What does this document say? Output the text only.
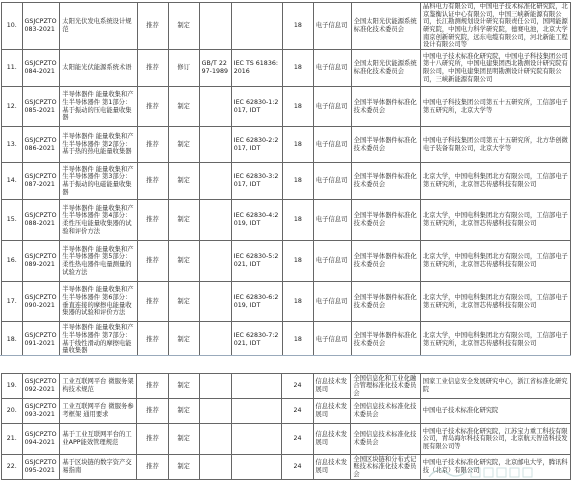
10.	GSJCPZTO 083-2021	太阳光伏发电系统设计规范	推荐	制定			18	电子信息司	全国太阳光伏能源系统标准化技术委员会	晶科电力有限公司，中国电子技术标准化研究院，北京鉴衡认证中心有限公司，中国三峡新能源有限公司，长江勘测规划设计研究有限责任公司，国网能源研究院，中国电力科学研究院，德赛电池，北京大学南京创新研究院，远东电缆有限公司，河北新能工程设计有限公司等
11.	GSJCPZTO 084-2021	太阳能光伏能源系统术语	推荐	修订	GB/T 2297-1989	IEC TS 61836:2016	18	电子信息司	全国太阳光伏能源系统标准化技术委员会	中国电子技术标准化研究院，中国电子科技集团公司第十八研究所，中国电建集团西北勘测设计研究院有限公司，中国电建集团昆明勘测设计研究院有限公司，三峡新能源有限公司
12.	GSJCPZTO 085-2021	半导体器件 能量收集和产生半导体器件 第1部分：基于振动的压电能量收集器	推荐	制定		IEC 62830-1:2017, IDT	18	电子信息司	全国半导体器件标准化技术委员会	中国电子科技集团公司第五十五研究所，工信部电子第五研究所，北京大学等
13.	GSJCPZTO 086-2021	半导体器件 能量收集和产生半导体器件 第2部分：基于热的热电能量收集器	推荐	制定		IEC 62830-2:2017, IDT	18	电子信息司	全国半导体器件标准化技术委员会	中国电子科技集团公司第五十五研究所，北方华创微电子装备有限公司，北京大学等
14.	GSJCPZTO 087-2021	半导体器件 能量收集和产生半导体器件 第3部分：基于振动的电磁能量收集器	推荐	制定		IEC 62830-3:2017, IDT	18	电子信息司	全国半导体器件标准化技术委员会	北京大学，中国电科集团北方有限公司，工信部电子第五研究所，北京智芯传感科技有限公司
15.	GSJCPZTO 088-2021	半导体器件 能量收集和产生半导体器件 第4部分：柔性压电能量收集器的试验和评价方法	推荐	制定		IEC 62830-4:2019, IDT	18	电子信息司	全国半导体器件标准化技术委员会	北京大学，中国电科集团北方有限公司，工信部电子第五研究所，北京智芯传感科技有限公司
16.	GSJCPZTO 089-2021	半导体器件 能量收集和产生半导体器件 第5部分：柔性热电器件电量测量的试验方法	推荐	制定		IEC 62830-5:2021, IDT	18	电子信息司	全国半导体器件标准化技术委员会	北京大学，中国电科集团北方有限公司，工信部电子第五研究所，北京智芯传感科技有限公司
17.	GSJCPZTO 090-2021	半导体器件 能量收集和产生半导体器件 第6部分：垂直连接的摩擦电能量收集器的试验和评价方法	推荐	制定		IEC 62830-6:2019, IDT	18	电子信息司	全国半导体器件标准化技术委员会	北京大学，中国电科集团北方有限公司，工信部电子第五研究所，北京智芯传感科技有限公司
18.	GSJCPZTO 091-2021	半导体器件 能量收集和产生半导体器件 第7部分：基于线性滑动的摩擦电能量收集器	推荐	制定		IEC 62830-7:2021, IDT	18	电子信息司	全国半导体器件标准化技术委员会	北京大学，中国电科集团北方有限公司，工信部电子第五研究所，北京智芯传感科技有限公司
19.	GSJCPZTO 092-2021	工业互联网平台 微服务架构技术规范	推荐	制定			24	信息技术发展司	全国信息化和工业化融合管理标准化技术委员会	国家工业信息安全发展研究中心，浙江省标准化研究院
20.	GSJCPZTO 093-2021	工业互联网平台 微服务参考框架 通用要求	推荐	制定			24	信息技术发展司	全国信息技术标准化技术委员会	中国电子技术标准化研究院
21.	GSJCPZTO 094-2021	基于工业互联网平台的工业APP能效管理规范	推荐	制定			24	信息技术发展司	全国信息技术标准化技术委员会	中国电子技术标准化研究院，江苏宝力重工科技有限公司，青岛海尔科技有限公司，北京航天智造科技发展有限公司等
22.	GSJCPZTO 095-2021	基于区块链的数字资产交易指南	推荐	制定			24	信息技术发展司	全国区块链和分布式记账技术标准化技术委员会	中国电子技术标准化研究院，北京邮电大学，腾讯科技（北京）有限公司
